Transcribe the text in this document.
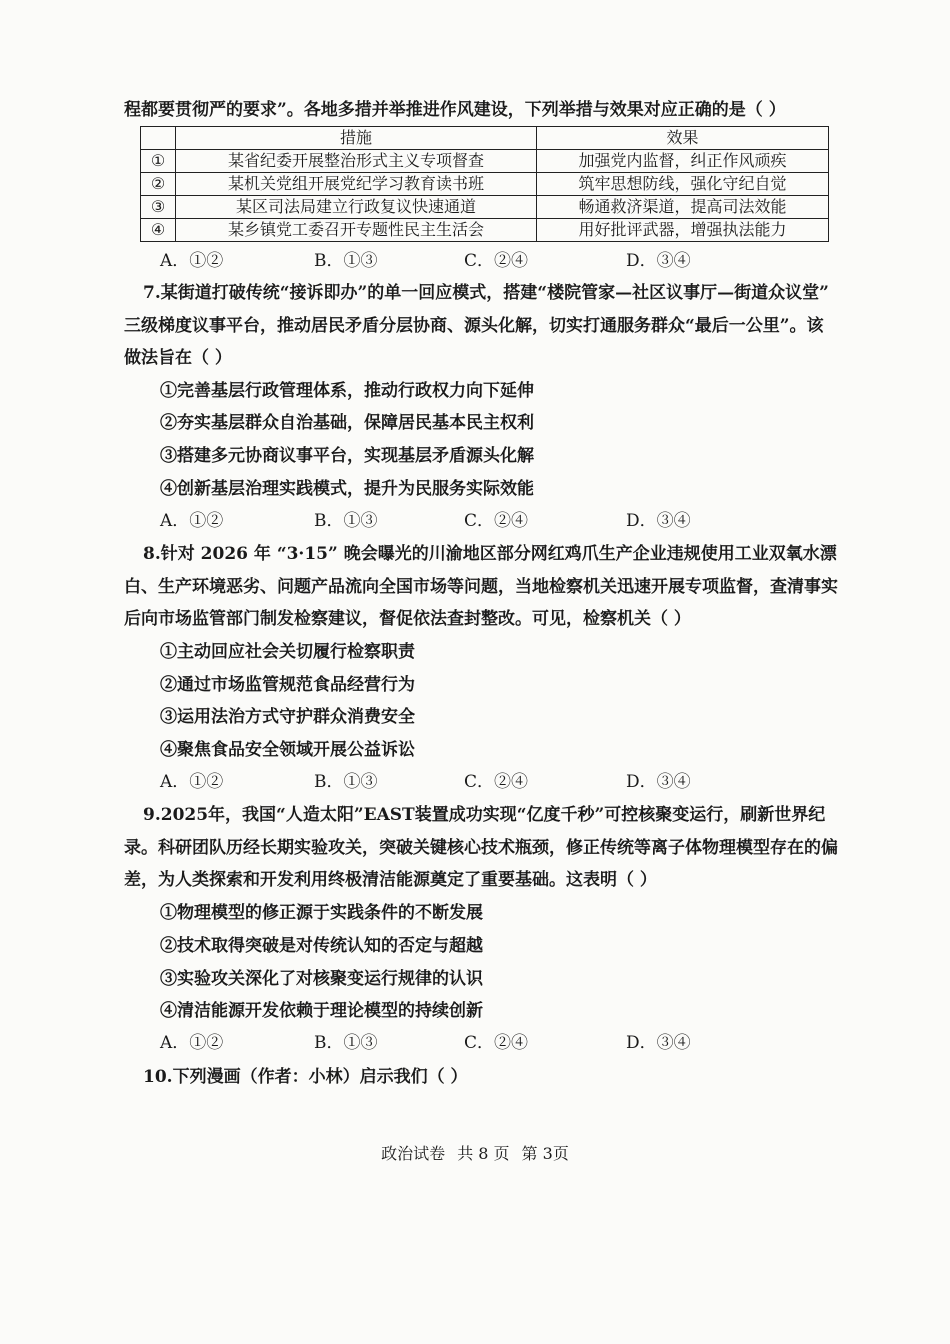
程都要贯彻严的要求”。各地多措并举推进作风建设，下列举措与效果对应正确的是（ ）
	措施	效果
①	某省纪委开展整治形式主义专项督查	加强党内监督，纠正作风顽疾
②	某机关党组开展党纪学习教育读书班	筑牢思想防线，强化守纪自觉
③	某区司法局建立行政复议快速通道	畅通救济渠道，提高司法效能
④	某乡镇党工委召开专题性民主生活会	用好批评武器，增强执法能力
A．①②	B．①③	C．②④	D．③④
7.某街道打破传统“接诉即办”的单一回应模式，搭建“楼院管家—社区议事厅—街道众议堂”
三级梯度议事平台，推动居民矛盾分层协商、源头化解，切实打通服务群众“最后一公里”。该
做法旨在（ ）
①完善基层行政管理体系，推动行政权力向下延伸
②夯实基层群众自治基础，保障居民基本民主权利
③搭建多元协商议事平台，实现基层矛盾源头化解
④创新基层治理实践模式，提升为民服务实际效能
A．①②	B．①③	C．②④	D．③④
8.针对 2026 年 “3·15” 晚会曝光的川渝地区部分网红鸡爪生产企业违规使用工业双氧水漂
白、生产环境恶劣、问题产品流向全国市场等问题，当地检察机关迅速开展专项监督，查清事实
后向市场监管部门制发检察建议，督促依法查封整改。可见，检察机关（ ）
①主动回应社会关切履行检察职责
②通过市场监管规范食品经营行为
③运用法治方式守护群众消费安全
④聚焦食品安全领域开展公益诉讼
A．①②	B．①③	C．②④	D．③④
9.2025年，我国“人造太阳”EAST装置成功实现“亿度千秒”可控核聚变运行，刷新世界纪
录。科研团队历经长期实验攻关，突破关键核心技术瓶颈，修正传统等离子体物理模型存在的偏
差，为人类探索和开发利用终极清洁能源奠定了重要基础。这表明（ ）
①物理模型的修正源于实践条件的不断发展
②技术取得突破是对传统认知的否定与超越
③实验攻关深化了对核聚变运行规律的认识
④清洁能源开发依赖于理论模型的持续创新
A．①②	B．①③	C．②④	D．③④
10.下列漫画（作者：小林）启示我们（ ）
政治试卷 共 8 页 第 3页
